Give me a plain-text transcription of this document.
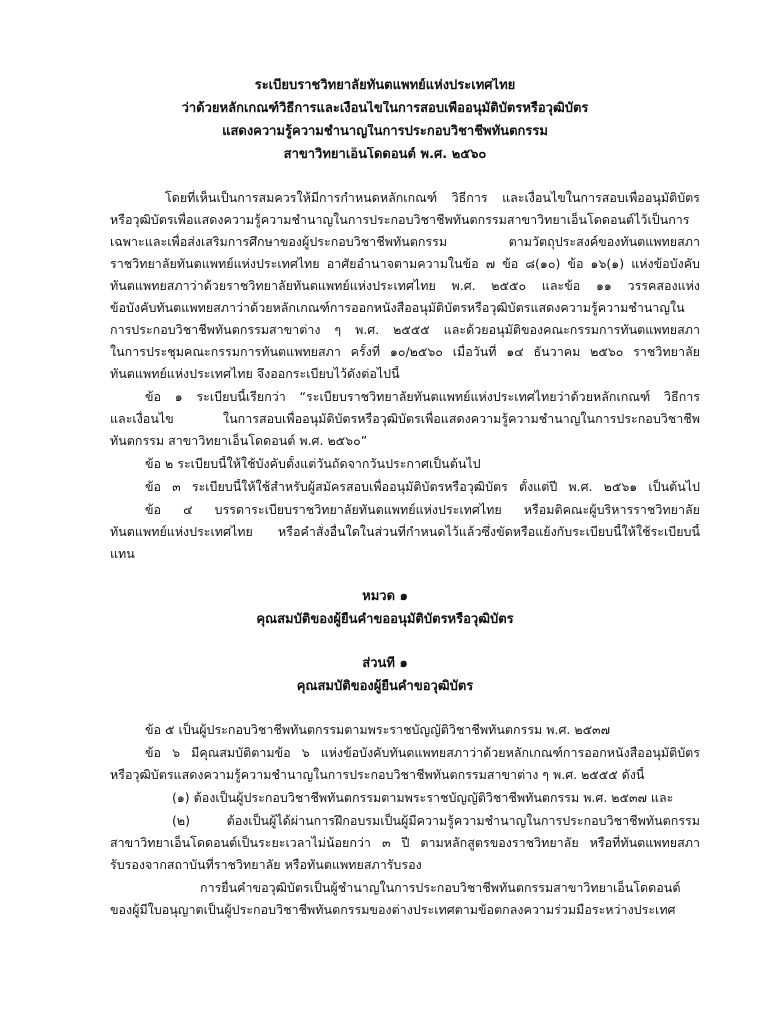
ระเบียบราชวิทยาลัยทันตแพทย์แห่งประเทศไทย
ว่าด้วยหลักเกณฑ์วิธีการและเงื่อนไขในการสอบเพื่ออนุมัติบัตรหรือวุฒิบัตร
แสดงความรู้ความชำนาญในการประกอบวิชาชีพทันตกรรม
สาขาวิทยาเอ็นโดดอนต์ พ.ศ. ๒๕๖๐
โดยที่เห็นเป็นการสมควรให้มีการกำหนดหลักเกณฑ์ วิธีการ และเงื่อนไขในการสอบเพื่ออนุมัติบัตร
หรือวุฒิบัตรเพื่อแสดงความรู้ความชำนาญในการประกอบวิชาชีพทันตกรรมสาขาวิทยาเอ็นโดดอนต์ไว้เป็นการ
เฉพาะและเพื่อส่งเสริมการศึกษาของผู้ประกอบวิชาชีพทันตกรรม ตามวัตถุประสงค์ของทันตแพทยสภา
ราชวิทยาลัยทันตแพทย์แห่งประเทศไทย อาศัยอำนาจตามความในข้อ ๗ ข้อ ๘(๑๐) ข้อ ๑๖(๑) แห่งข้อบังคับ
ทันตแพทยสภาว่าด้วยราชวิทยาลัยทันตแพทย์แห่งประเทศไทย พ.ศ. ๒๕๕๐ และข้อ ๑๑ วรรคสองแห่ง
ข้อบังคับทันตแพทยสภาว่าด้วยหลักเกณฑ์การออกหนังสืออนุมัติบัตรหรือวุฒิบัตรแสดงความรู้ความชำนาญใน
การประกอบวิชาชีพทันตกรรมสาขาต่าง ๆ พ.ศ. ๒๕๕๕ และด้วยอนุมัติของคณะกรรมการทันตแพทยสภา
ในการประชุมคณะกรรมการทันตแพทยสภา ครั้งที่ ๑๐/๒๕๖๐ เมื่อวันที่ ๑๔ ธันวาคม ๒๕๖๐ ราชวิทยาลัย
ทันตแพทย์แห่งประเทศไทย จึงออกระเบียบไว้ดังต่อไปนี้
ข้อ ๑ ระเบียบนี้เรียกว่า “ระเบียบราชวิทยาลัยทันตแพทย์แห่งประเทศไทยว่าด้วยหลักเกณฑ์ วิธีการ
และเงื่อนไข ในการสอบเพื่ออนุมัติบัตรหรือวุฒิบัตรเพื่อแสดงความรู้ความชำนาญในการประกอบวิชาชีพ
ทันตกรรม สาขาวิทยาเอ็นโดดอนต์ พ.ศ. ๒๕๖๐”
ข้อ ๒ ระเบียบนี้ให้ใช้บังคับตั้งแต่วันถัดจากวันประกาศเป็นต้นไป
ข้อ ๓ ระเบียบนี้ให้ใช้สำหรับผู้สมัครสอบเพื่ออนุมัติบัตรหรือวุฒิบัตร ตั้งแต่ปี พ.ศ. ๒๕๖๑ เป็นต้นไป
ข้อ ๔ บรรดาระเบียบราชวิทยาลัยทันตแพทย์แห่งประเทศไทย หรือมติคณะผู้บริหารราชวิทยาลัย
ทันตแพทย์แห่งประเทศไทย หรือคำสั่งอื่นใดในส่วนที่กำหนดไว้แล้วซึ่งขัดหรือแย้งกับระเบียบนี้ให้ใช้ระเบียบนี้
แทน
หมวด ๑
คุณสมบัติของผู้ยื่นคำขออนุมัติบัตรหรือวุฒิบัตร
ส่วนที่ ๑
คุณสมบัติของผู้ยื่นคำขอวุฒิบัตร
ข้อ ๕ เป็นผู้ประกอบวิชาชีพทันตกรรมตามพระราชบัญญัติวิชาชีพทันตกรรม พ.ศ. ๒๕๓๗
ข้อ ๖ มีคุณสมบัติตามข้อ ๖ แห่งข้อบังคับทันตแพทยสภาว่าด้วยหลักเกณฑ์การออกหนังสืออนุมัติบัตร
หรือวุฒิบัตรแสดงความรู้ความชำนาญในการประกอบวิชาชีพทันตกรรมสาขาต่าง ๆ พ.ศ. ๒๕๕๕ ดังนี้
(๑) ต้องเป็นผู้ประกอบวิชาชีพทันตกรรมตามพระราชบัญญัติวิชาชีพทันตกรรม พ.ศ. ๒๕๓๗ และ
(๒) ต้องเป็นผู้ได้ผ่านการฝึกอบรมเป็นผู้มีความรู้ความชำนาญในการประกอบวิชาชีพทันตกรรม
สาขาวิทยาเอ็นโดดอนต์เป็นระยะเวลาไม่น้อยกว่า ๓ ปี ตามหลักสูตรของราชวิทยาลัย หรือที่ทันตแพทยสภา
รับรองจากสถาบันที่ราชวิทยาลัย หรือทันตแพทยสภารับรอง
การยื่นคำขอวุฒิบัตรเป็นผู้ชำนาญในการประกอบวิชาชีพทันตกรรมสาขาวิทยาเอ็นโดดอนต์
ของผู้มีใบอนุญาตเป็นผู้ประกอบวิชาชีพทันตกรรมของต่างประเทศตามข้อตกลงความร่วมมือระหว่างประเทศ
